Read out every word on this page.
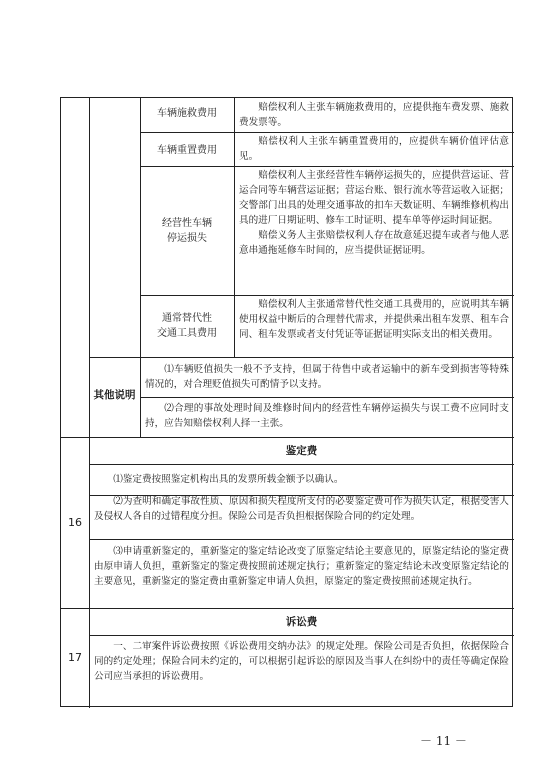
车辆施救费用
赔偿权利人主张车辆施救费用的，应提供拖车费发票、施救费发票等。
车辆重置费用
赔偿权利人主张车辆重置费用的，应提供车辆价值评估意见。

经营性车辆

停运损失

赔偿权利人主张经营性车辆停运损失的，应提供营运证、营运合同等车辆营运证据；营运台账、银行流水等营运收入证据；交警部门出具的处理交通事故的扣车天数证明、车辆维修机构出具的进厂日期证明、修车工时证明、提车单等停运时间证据。

赔偿义务人主张赔偿权利人存在故意延迟提车或者与他人恶意串通拖延修车时间的，应当提供证据证明。

通常替代性

交通工具费用

赔偿权利人主张通常替代性交通工具费用的，应说明其车辆使用权益中断后的合理替代需求，并提供乘出租车发票、租车合同、租车发票或者支付凭证等证据证明实际支出的相关费用。
其他说明
⑴车辆贬值损失一般不予支持，但属于待售中或者运输中的新车受到损害等特殊情况的，对合理贬值损失可酌情予以支持。
⑵合理的事故处理时间及维修时间内的经营性车辆停运损失与误工费不应同时支持，应告知赔偿权利人择一主张。
16
鉴定费
⑴鉴定费按照鉴定机构出具的发票所载金额予以确认。
⑵为查明和确定事故性质、原因和损失程度所支付的必要鉴定费可作为损失认定，根据受害人及侵权人各自的过错程度分担。保险公司是否负担根据保险合同的约定处理。
⑶申请重新鉴定的，重新鉴定的鉴定结论改变了原鉴定结论主要意见的，原鉴定结论的鉴定费由原申请人负担，重新鉴定的鉴定费按照前述规定执行；重新鉴定的鉴定结论未改变原鉴定结论的主要意见，重新鉴定的鉴定费由重新鉴定申请人负担，原鉴定的鉴定费按照前述规定执行。
17
诉讼费
一、二审案件诉讼费按照《诉讼费用交纳办法》的规定处理。保险公司是否负担，依据保险合同的约定处理；保险合同未约定的，可以根据引起诉讼的原因及当事人在纠纷中的责任等确定保险公司应当承担的诉讼费用。
－ 11 －
